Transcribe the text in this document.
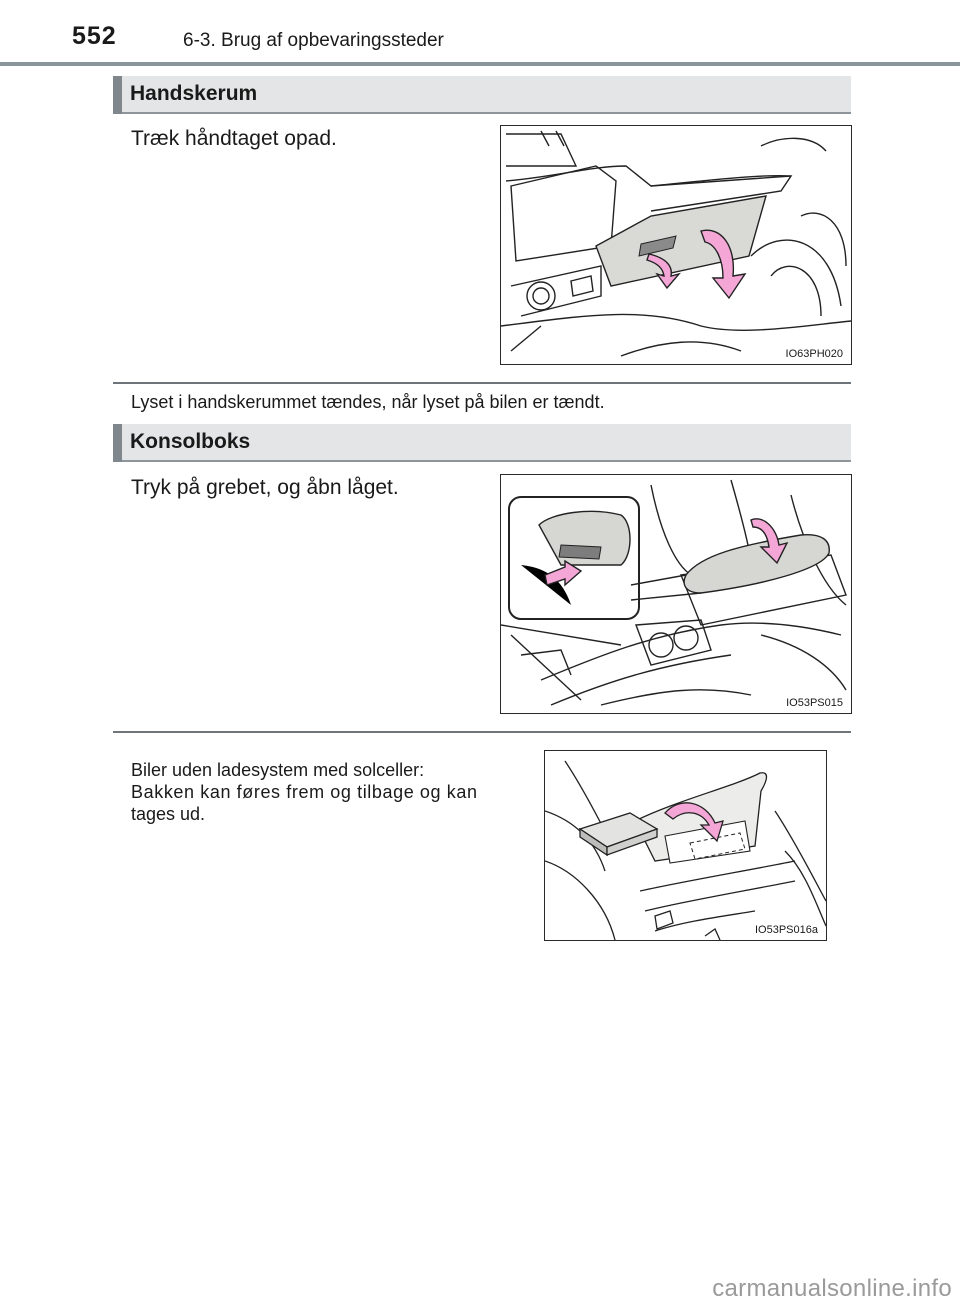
552	6-3. Brug af opbevaringssteder
Handskerum
Træk håndtaget opad.
IO63PH020
Lyset i handskerummet tændes, når lyset på bilen er tændt.
Konsolboks
Tryk på grebet, og åbn låget.
IO53PS015
Biler uden ladesystem med solceller:
Bakken kan føres frem og tilbage og kan
tages ud.
IO53PS016a
carmanualsonline.info
